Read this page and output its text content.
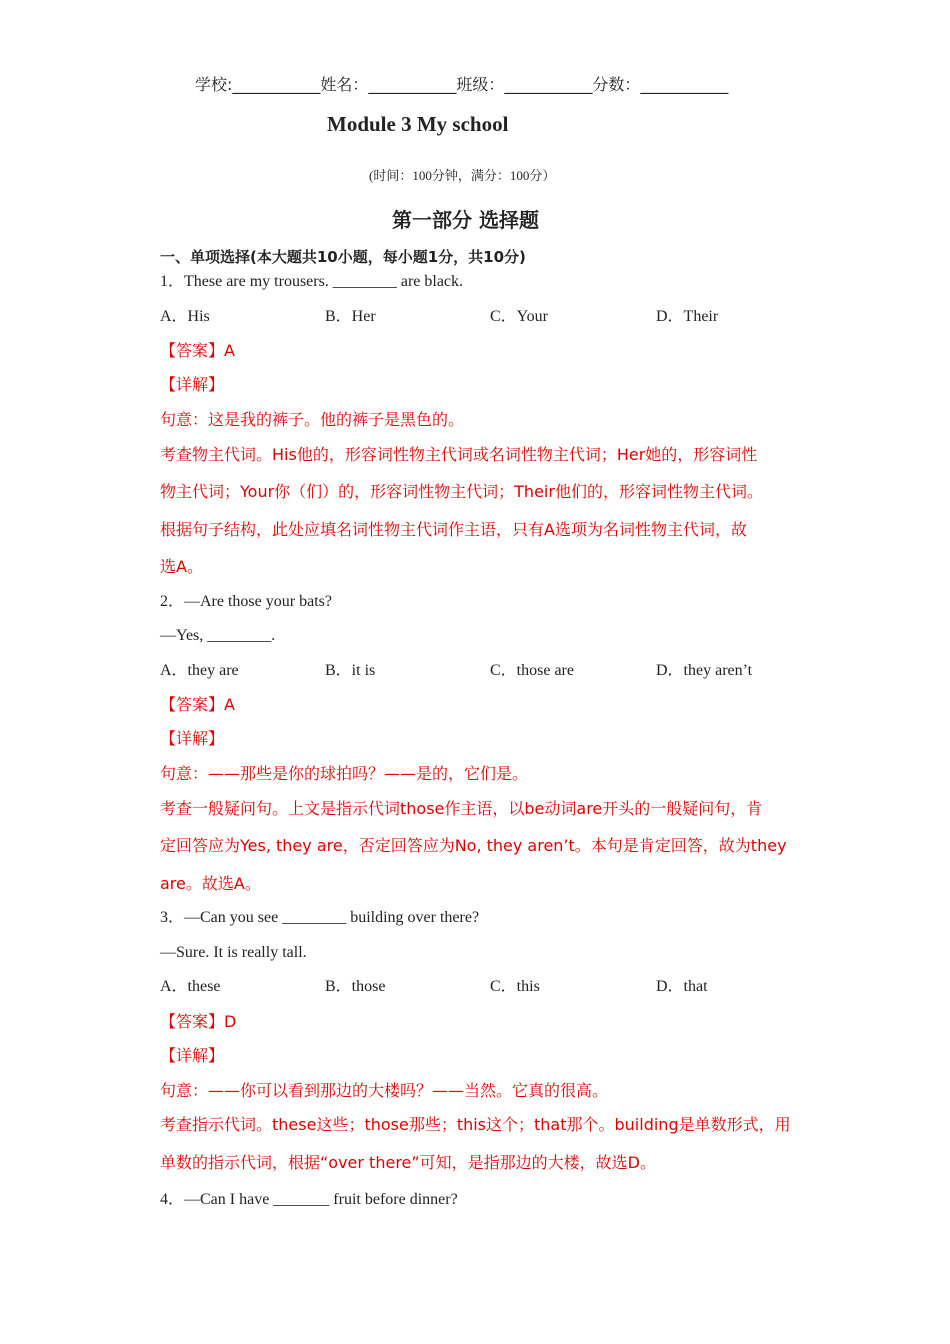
学校:___________姓名：___________班级：___________分数：___________
Module 3 My school
(时间：100分钟，满分：100分）
第一部分 选择题
一、单项选择(本大题共10小题，每小题1分，共10分)
1．These are my trousers. ________ are black.
A．His	B．Her	C．Your	D．Their
【答案】A
【详解】
句意：这是我的裤子。他的裤子是黑色的。
考查物主代词。His他的，形容词性物主代词或名词性物主代词；Her她的，形容词性
物主代词；Your你（们）的，形容词性物主代词；Their他们的，形容词性物主代词。
根据句子结构，此处应填名词性物主代词作主语，只有A选项为名词性物主代词，故
选A。
2．—Are those your bats?
—Yes, ________.
A．they are	B．it is	C．those are	D．they aren’t
【答案】A
【详解】
句意：——那些是你的球拍吗？——是的，它们是。
考查一般疑问句。上文是指示代词those作主语，以be动词are开头的一般疑问句，肯
定回答应为Yes, they are，否定回答应为No, they aren’t。本句是肯定回答，故为they
are。故选A。
3．—Can you see ________ building over there?
—Sure. It is really tall.
A．these	B．those	C．this	D．that
【答案】D
【详解】
句意：——你可以看到那边的大楼吗？——当然。它真的很高。
考查指示代词。these这些；those那些；this这个；that那个。building是单数形式，用
单数的指示代词，根据“over there”可知，是指那边的大楼，故选D。
4．—Can I have _______ fruit before dinner?
